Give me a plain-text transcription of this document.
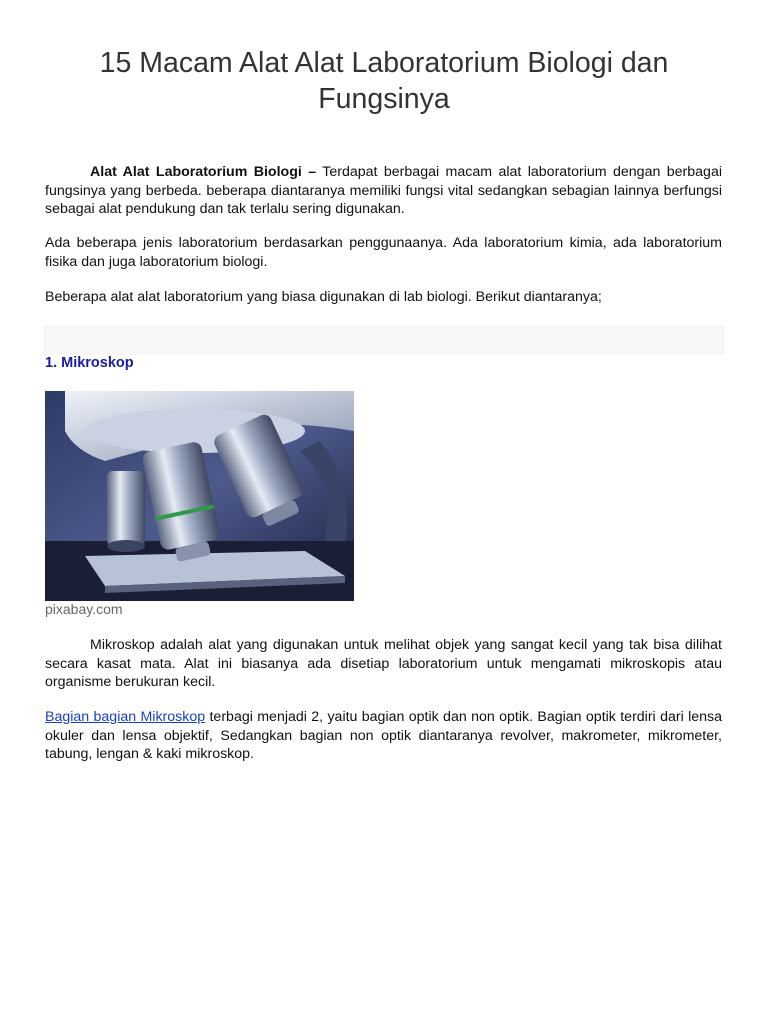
15 Macam Alat Alat Laboratorium Biologi dan Fungsinya

Alat Alat Laboratorium Biologi – Terdapat berbagai macam alat laboratorium dengan berbagai fungsinya yang berbeda. beberapa diantaranya memiliki fungsi vital sedangkan sebagian lainnya berfungsi sebagai alat pendukung dan tak terlalu sering digunakan.

Ada beberapa jenis laboratorium berdasarkan penggunaanya. Ada laboratorium kimia, ada laboratorium fisika dan juga laboratorium biologi.

Beberapa alat alat laboratorium yang biasa digunakan di lab biologi. Berikut diantaranya;

1. Mikroskop

pixabay.com

Mikroskop adalah alat yang digunakan untuk melihat objek yang sangat kecil yang tak bisa dilihat secara kasat mata. Alat ini biasanya ada disetiap laboratorium untuk mengamati mikroskopis atau organisme berukuran kecil.

Bagian bagian Mikroskop terbagi menjadi 2, yaitu bagian optik dan non optik. Bagian optik terdiri dari lensa okuler dan lensa objektif, Sedangkan bagian non optik diantaranya revolver, makrometer, mikrometer, tabung, lengan & kaki mikroskop.
